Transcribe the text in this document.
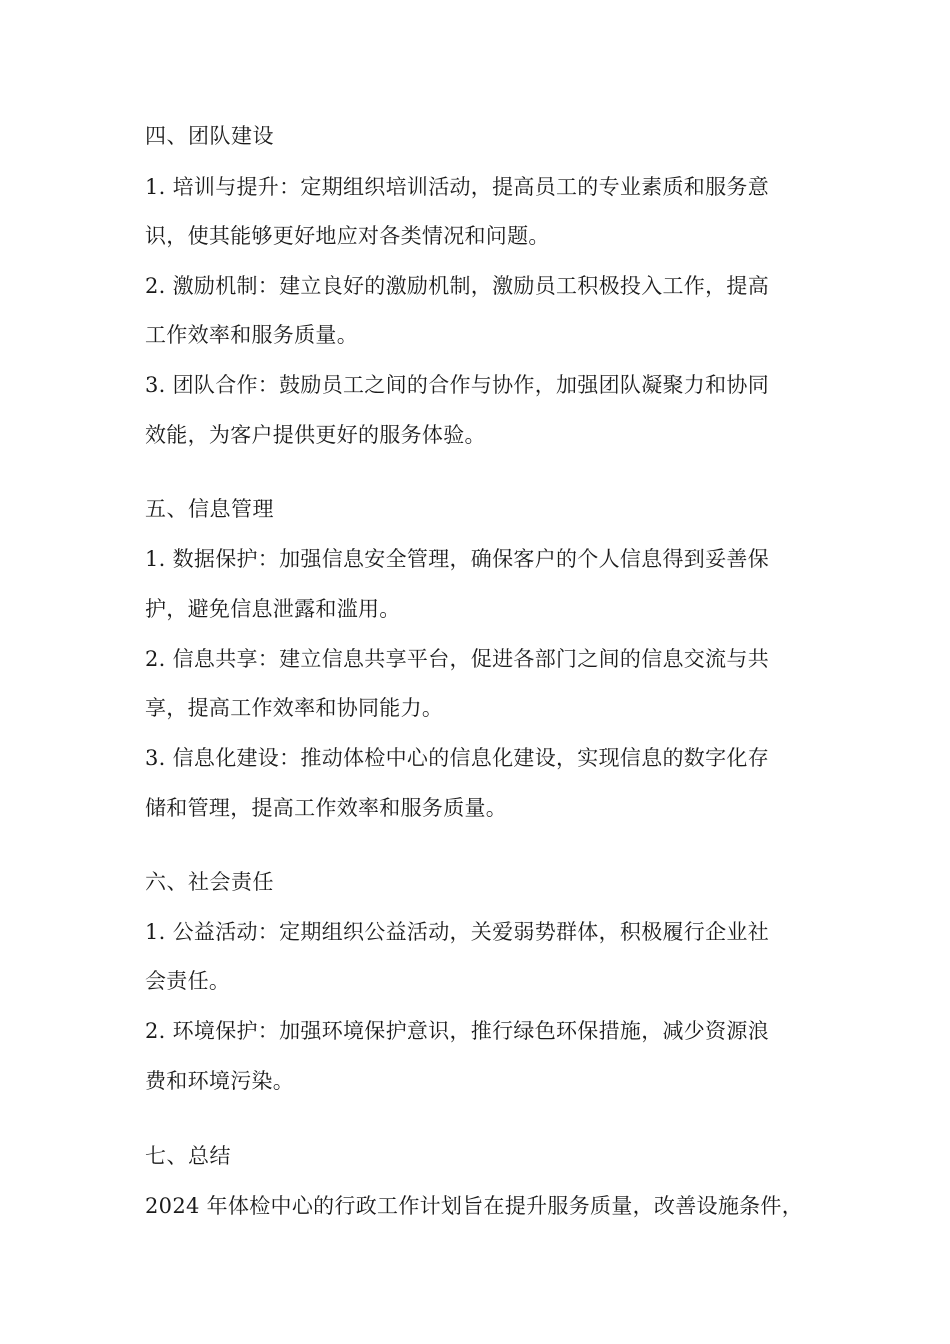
四、团队建设
1. 培训与提升：定期组织培训活动，提高员工的专业素质和服务意
识，使其能够更好地应对各类情况和问题。
2. 激励机制：建立良好的激励机制，激励员工积极投入工作，提高
工作效率和服务质量。
3. 团队合作：鼓励员工之间的合作与协作，加强团队凝聚力和协同
效能，为客户提供更好的服务体验。
五、信息管理
1. 数据保护：加强信息安全管理，确保客户的个人信息得到妥善保
护，避免信息泄露和滥用。
2. 信息共享：建立信息共享平台，促进各部门之间的信息交流与共
享，提高工作效率和协同能力。
3. 信息化建设：推动体检中心的信息化建设，实现信息的数字化存
储和管理，提高工作效率和服务质量。
六、社会责任
1. 公益活动：定期组织公益活动，关爱弱势群体，积极履行企业社
会责任。
2. 环境保护：加强环境保护意识，推行绿色环保措施，减少资源浪
费和环境污染。
七、总结
2024 年体检中心的行政工作计划旨在提升服务质量，改善设施条件，
